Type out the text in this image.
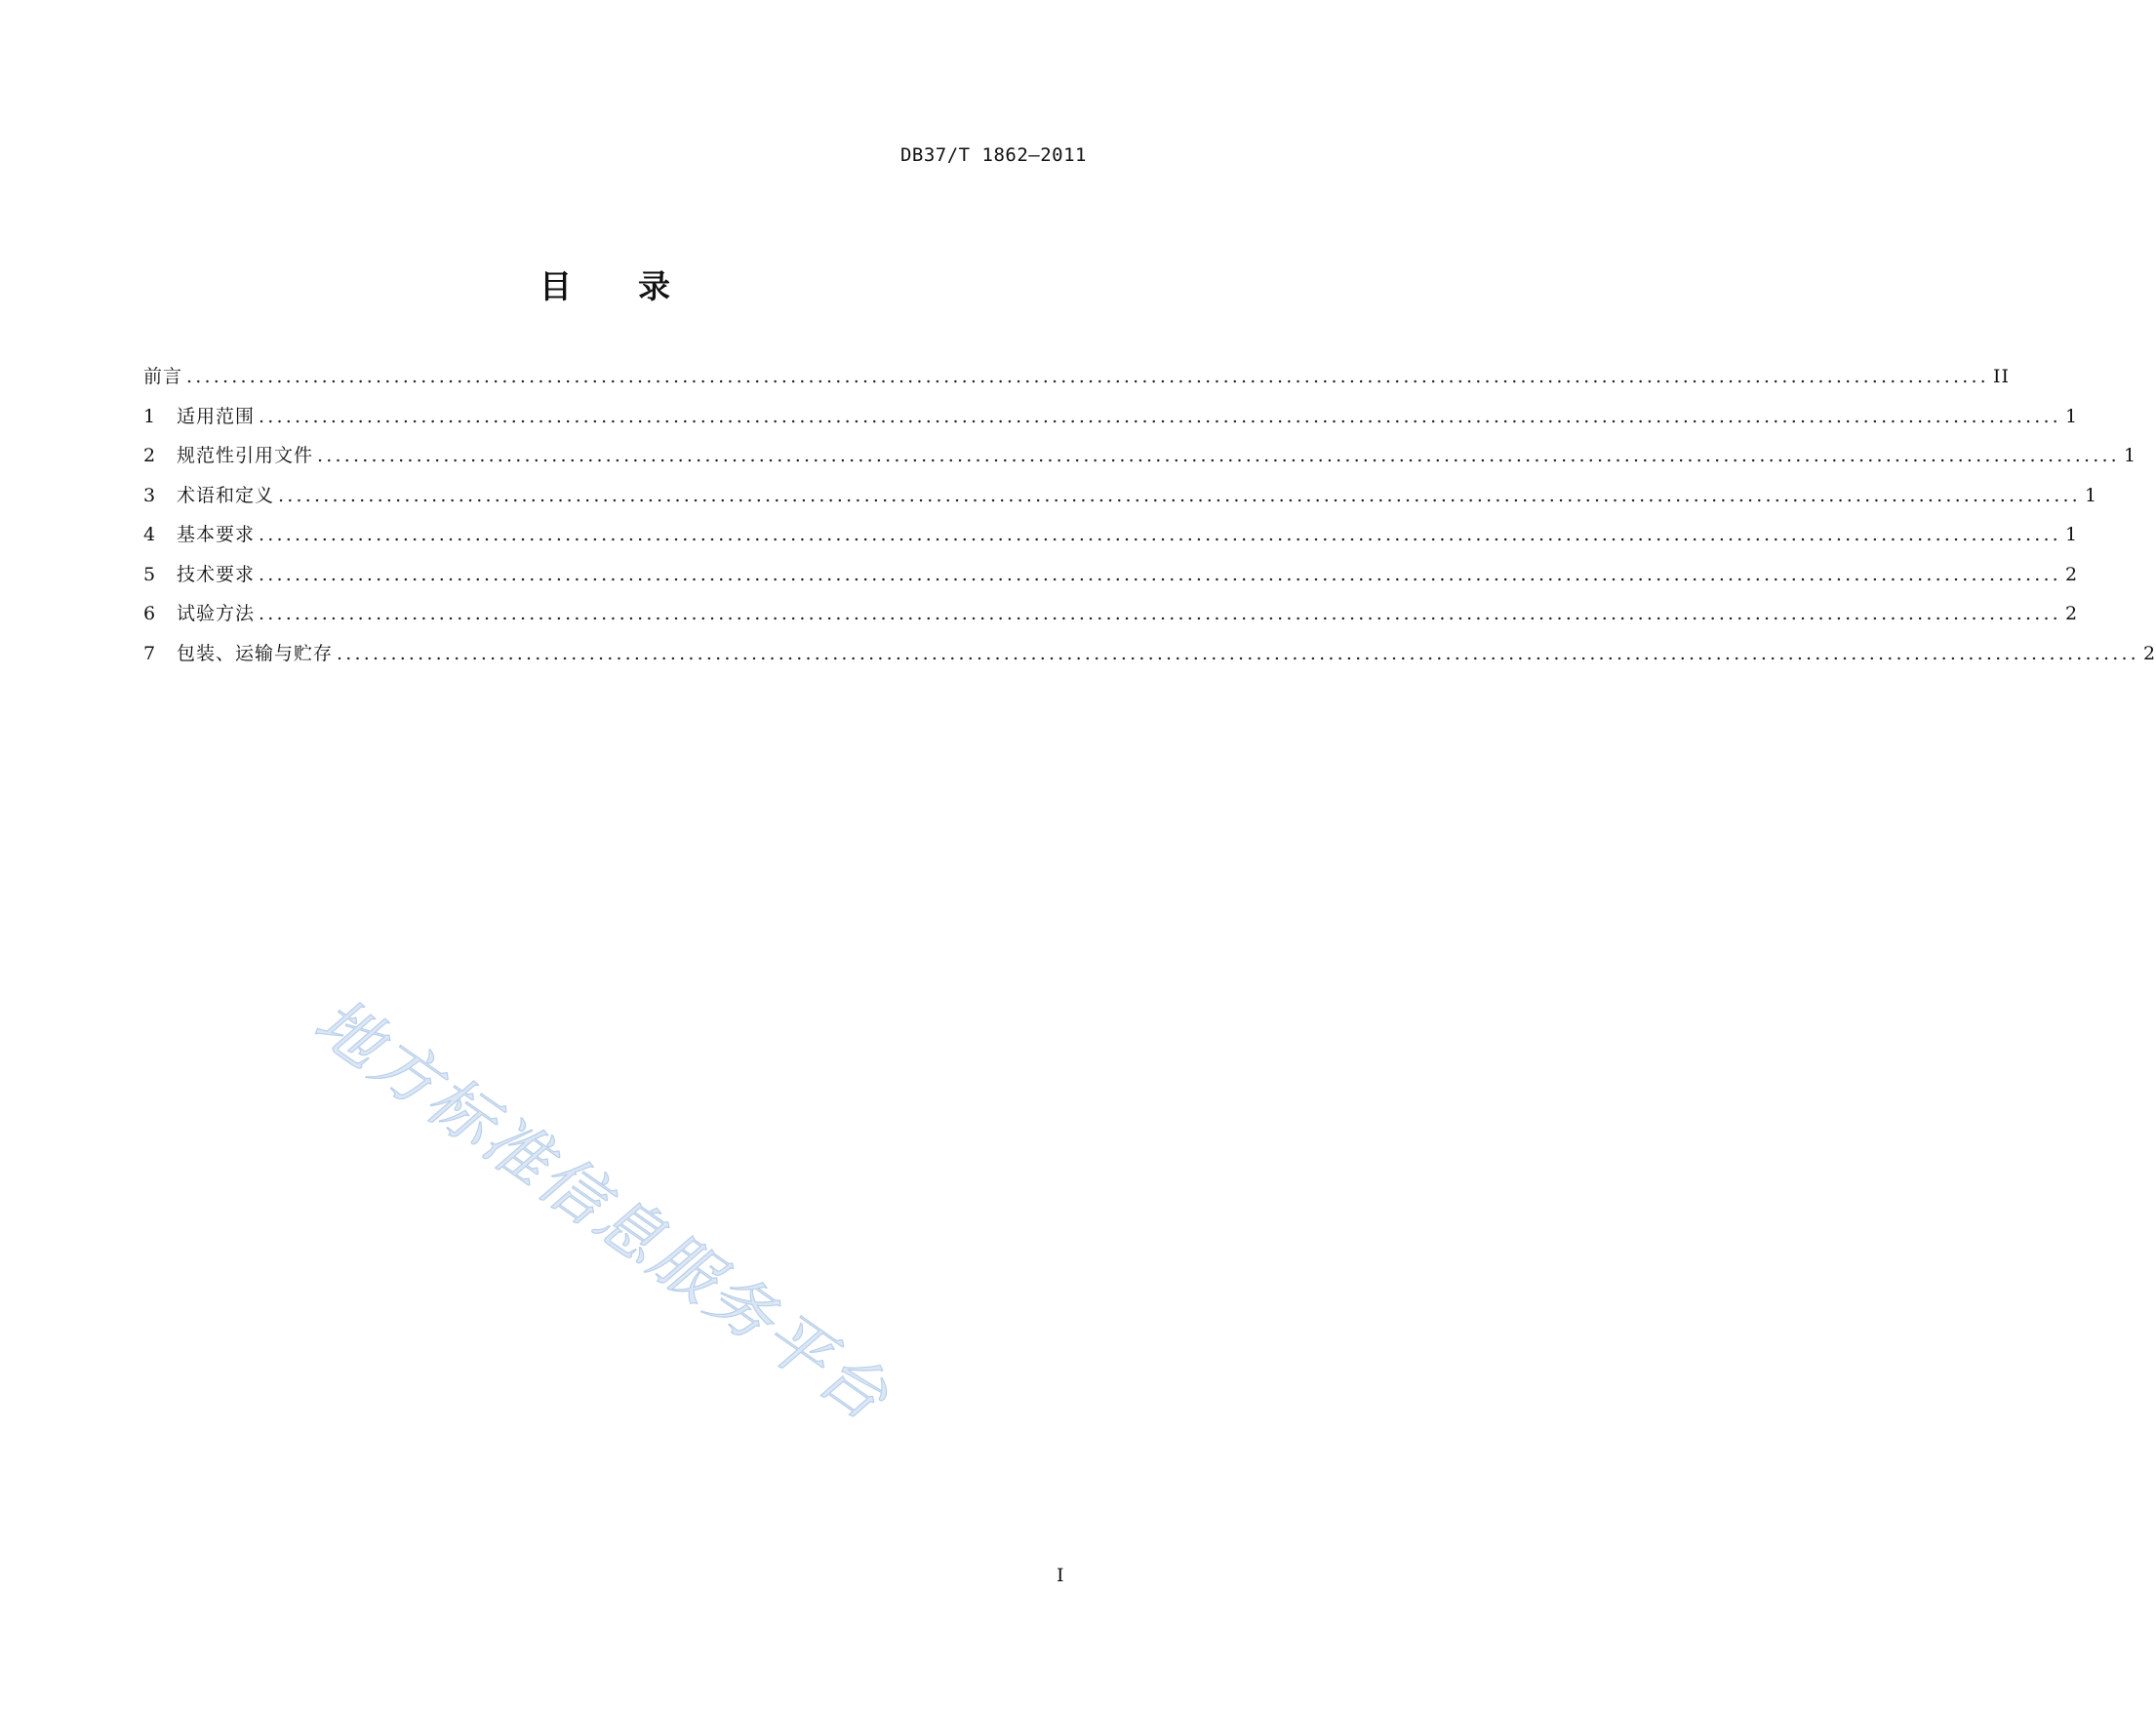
DB37/T 1862—2011
目录
前言 ........................................................................................................................................................................................................ II
1	适用范围 ........................................................................................................................................................................................................ 1
2	规范性引用文件 ........................................................................................................................................................................................................ 1
3	术语和定义 ........................................................................................................................................................................................................ 1
4	基本要求 ........................................................................................................................................................................................................ 1
5	技术要求 ........................................................................................................................................................................................................ 2
6	试验方法 ........................................................................................................................................................................................................ 2
7	包装、运输与贮存 ........................................................................................................................................................................................................ 2
地方标准信息服务平台
I
